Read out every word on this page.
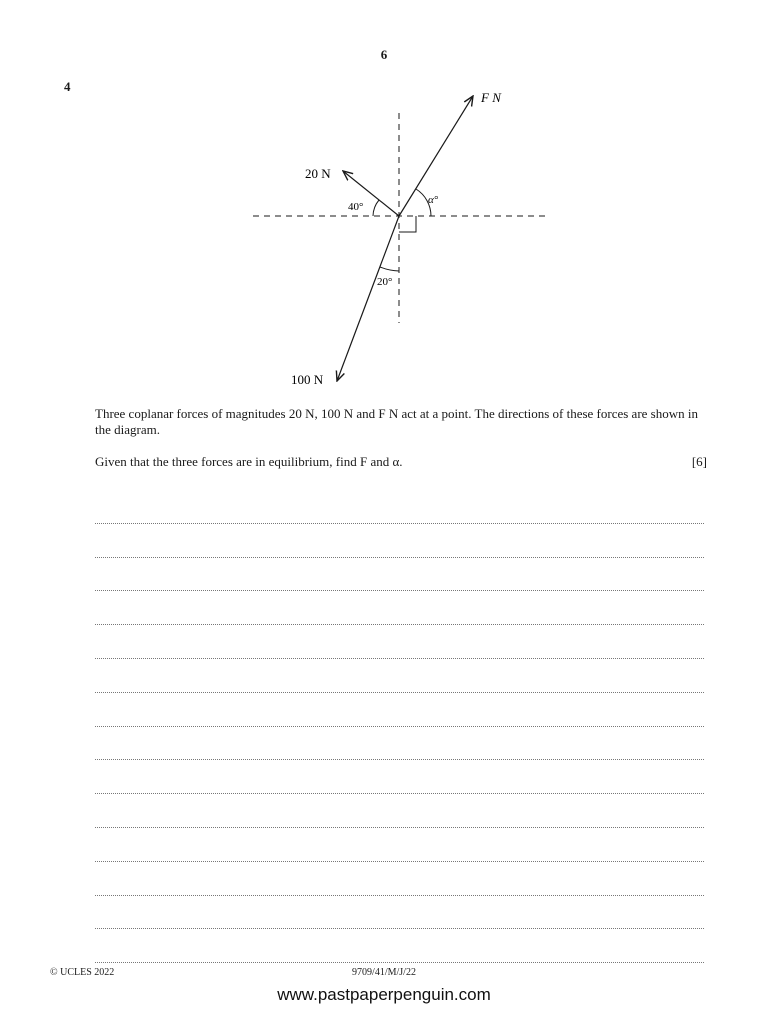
6
4
F N
20 N
100 N
40°
α°
20°
Three coplanar forces of magnitudes 20 N, 100 N and F N act at a point. The directions of these forces are shown in the diagram.
Given that the three forces are in equilibrium, find F and α.	[6]
© UCLES 2022	9709/41/M/J/22
www.pastpaperpenguin.com
